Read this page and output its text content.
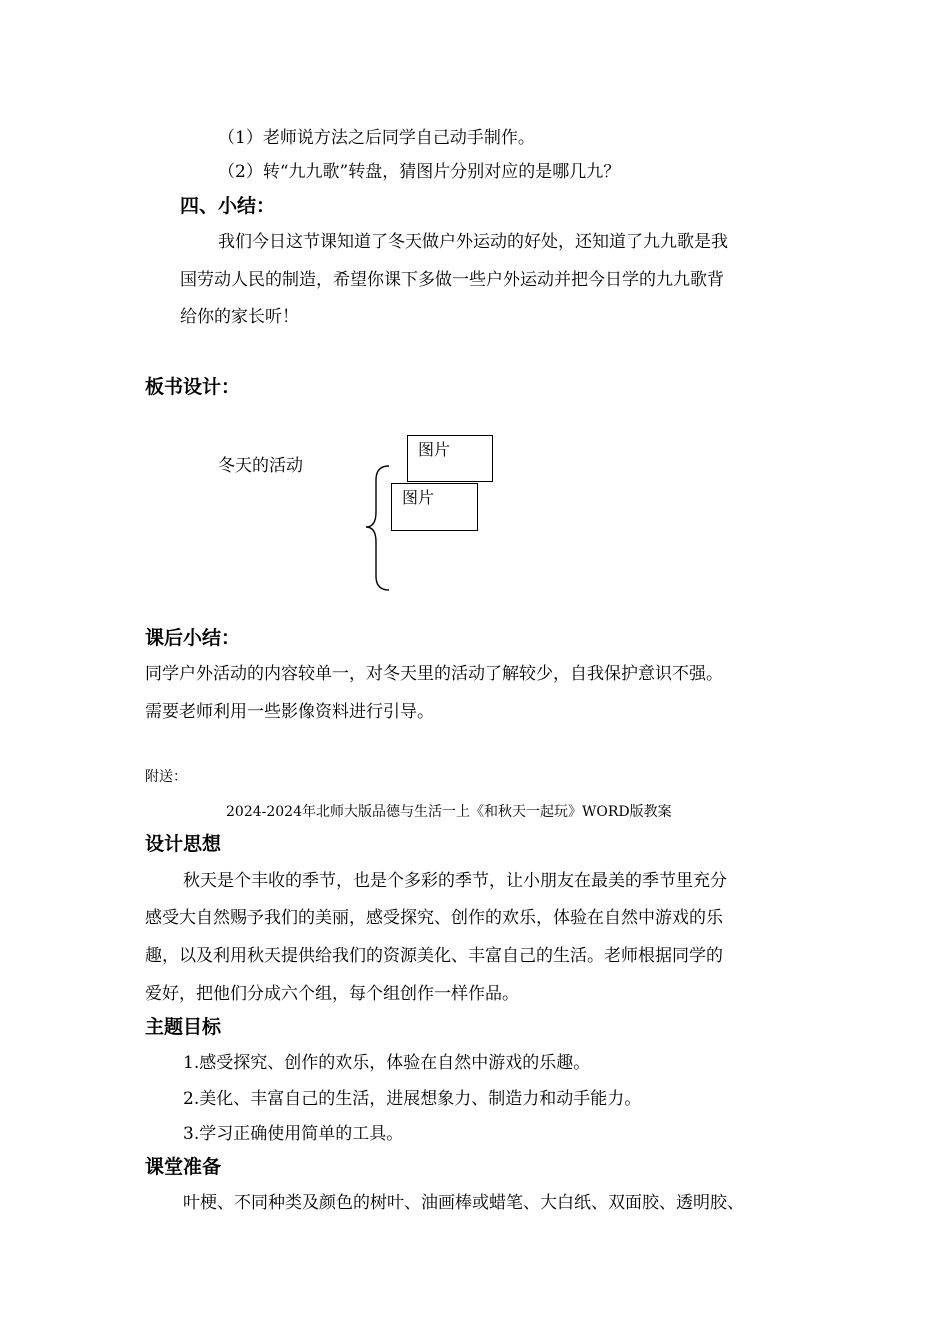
（1）老师说方法之后同学自己动手制作。
（2）转“九九歌”转盘，猜图片分别对应的是哪几九？
四、小结：
我们今日这节课知道了冬天做户外运动的好处，还知道了九九歌是我
国劳动人民的制造，希望你课下多做一些户外运动并把今日学的九九歌背
给你的家长听！
板书设计：
冬天的活动
图片
图片
课后小结：
同学户外活动的内容较单一，对冬天里的活动了解较少，自我保护意识不强。
需要老师利用一些影像资料进行引导。
附送：
2024-2024年北师大版品德与生活一上《和秋天一起玩》WORD版教案
设计思想
秋天是个丰收的季节，也是个多彩的季节，让小朋友在最美的季节里充分
感受大自然赐予我们的美丽，感受探究、创作的欢乐，体验在自然中游戏的乐
趣，以及利用秋天提供给我们的资源美化、丰富自己的生活。老师根据同学的
爱好，把他们分成六个组，每个组创作一样作品。
主题目标
1.感受探究、创作的欢乐，体验在自然中游戏的乐趣。
2.美化、丰富自己的生活，进展想象力、制造力和动手能力。
3.学习正确使用简单的工具。
课堂准备
叶梗、不同种类及颜色的树叶、油画棒或蜡笔、大白纸、双面胶、透明胶、
